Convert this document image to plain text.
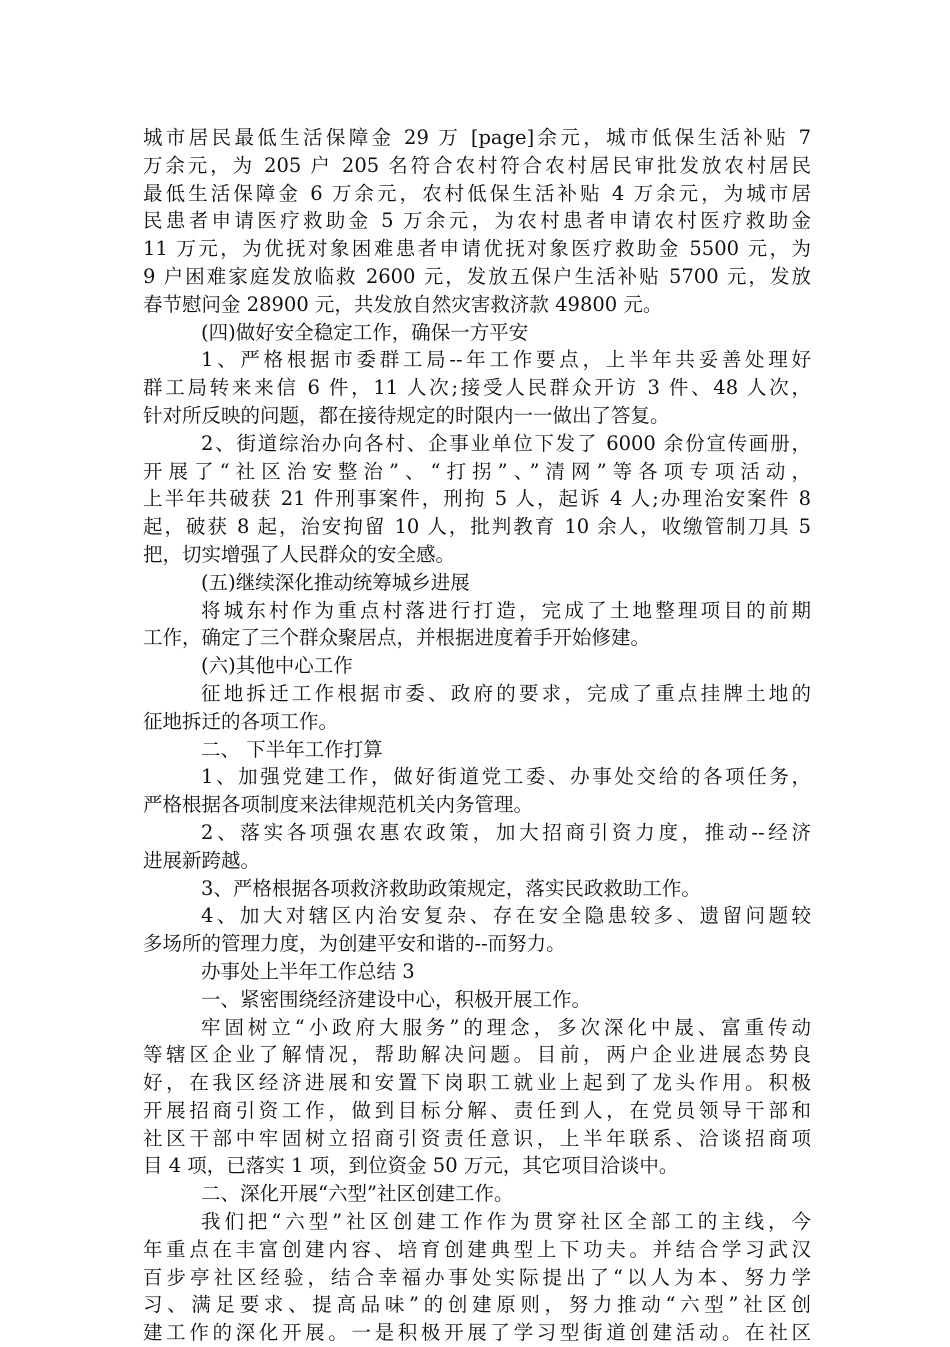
城市居民最低生活保障金 29 万 [page]余元，城市低保生活补贴 7
万余元，为 205 户 205 名符合农村符合农村居民审批发放农村居民
最低生活保障金 6 万余元，农村低保生活补贴 4 万余元，为城市居
民患者申请医疗救助金 5 万余元，为农村患者申请农村医疗救助金
11 万元，为优抚对象困难患者申请优抚对象医疗救助金 5500 元，为
9 户困难家庭发放临救 2600 元，发放五保户生活补贴 5700 元，发放
春节慰问金 28900 元，共发放自然灾害救济款 49800 元。
(四)做好安全稳定工作，确保一方平安
1、严格根据市委群工局--年工作要点，上半年共妥善处理好
群工局转来来信 6 件，11 人次;接受人民群众开访 3 件、48 人次，
针对所反映的问题，都在接待规定的时限内一一做出了答复。
2、街道综治办向各村、企事业单位下发了 6000 余份宣传画册，
开展了“社区治安整治”、“打拐”、”清网”等各项专项活动，
上半年共破获 21 件刑事案件，刑拘 5 人，起诉 4 人;办理治安案件 8
起，破获 8 起，治安拘留 10 人，批判教育 10 余人，收缴管制刀具 5
把，切实增强了人民群众的安全感。
(五)继续深化推动统筹城乡进展
将城东村作为重点村落进行打造，完成了土地整理项目的前期
工作，确定了三个群众聚居点，并根据进度着手开始修建。
(六)其他中心工作
征地拆迁工作根据市委、政府的要求，完成了重点挂牌土地的
征地拆迁的各项工作。
二、 下半年工作打算
1、加强党建工作，做好街道党工委、办事处交给的各项任务，
严格根据各项制度来法律规范机关内务管理。
2、落实各项强农惠农政策，加大招商引资力度，推动--经济
进展新跨越。
3、严格根据各项救济救助政策规定，落实民政救助工作。
4、加大对辖区内治安复杂、存在安全隐患较多、遗留问题较
多场所的管理力度，为创建平安和谐的--而努力。
办事处上半年工作总结 3
一、紧密围绕经济建设中心，积极开展工作。
牢固树立“小政府大服务”的理念，多次深化中晟、富重传动
等辖区企业了解情况，帮助解决问题。目前，两户企业进展态势良
好，在我区经济进展和安置下岗职工就业上起到了龙头作用。积极
开展招商引资工作，做到目标分解、责任到人，在党员领导干部和
社区干部中牢固树立招商引资责任意识，上半年联系、洽谈招商项
目 4 项，已落实 1 项，到位资金 50 万元，其它项目洽谈中。
二、深化开展“六型”社区创建工作。
我们把“六型”社区创建工作作为贯穿社区全部工的主线，今
年重点在丰富创建内容、培育创建典型上下功夫。并结合学习武汉
百步亭社区经验，结合幸福办事处实际提出了“以人为本、努力学
习、满足要求、提高品味”的创建原则，努力推动“六型”社区创
建工作的深化开展。一是积极开展了学习型街道创建活动。在社区
